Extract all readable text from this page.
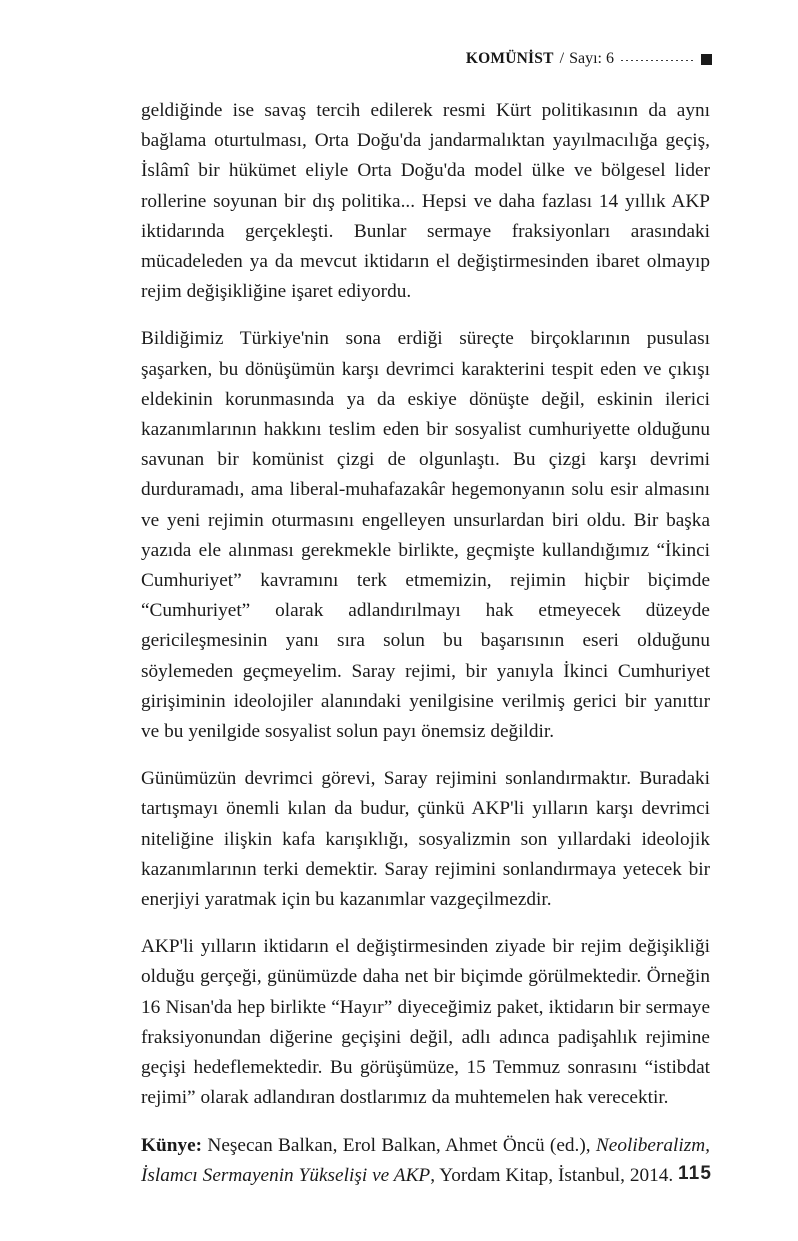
KOMÜNİST / Sayı: 6

geldiğinde ise savaş tercih edilerek resmi Kürt politikasının da aynı bağlama oturtulması, Orta Doğu'da jandarmalıktan yayılmacılığa geçiş, İslâmî bir hükümet eliyle Orta Doğu'da model ülke ve bölgesel lider rollerine soyunan bir dış politika... Hepsi ve daha fazlası 14 yıllık AKP iktidarında gerçekleşti. Bunlar sermaye fraksiyonları arasındaki mücadeleden ya da mevcut iktidarın el değiştirmesinden ibaret olmayıp rejim değişikliğine işaret ediyordu.

Bildiğimiz Türkiye'nin sona erdiği süreçte birçoklarının pusulası şaşarken, bu dönüşümün karşı devrimci karakterini tespit eden ve çıkışı eldekinin korunmasında ya da eskiye dönüşte değil, eskinin ilerici kazanımlarının hakkını teslim eden bir sosyalist cumhuriyette olduğunu savunan bir komünist çizgi de olgunlaştı. Bu çizgi karşı devrimi durduramadı, ama liberal-muhafazakâr hegemonyanın solu esir almasını ve yeni rejimin oturmasını engelleyen unsurlardan biri oldu. Bir başka yazıda ele alınması gerekmekle birlikte, geçmişte kullandığımız “İkinci Cumhuriyet” kavramını terk etmemizin, rejimin hiçbir biçimde “Cumhuriyet” olarak adlandırılmayı hak etmeyecek düzeyde gericileşmesinin yanı sıra solun bu başarısının eseri olduğunu söylemeden geçmeyelim. Saray rejimi, bir yanıyla İkinci Cumhuriyet girişiminin ideolojiler alanındaki yenilgisine verilmiş gerici bir yanıttır ve bu yenilgide sosyalist solun payı önemsiz değildir.

Günümüzün devrimci görevi, Saray rejimini sonlandırmaktır. Buradaki tartışmayı önemli kılan da budur, çünkü AKP'li yılların karşı devrimci niteliğine ilişkin kafa karışıklığı, sosyalizmin son yıllardaki ideolojik kazanımlarının terki demektir. Saray rejimini sonlandırmaya yetecek bir enerjiyi yaratmak için bu kazanımlar vazgeçilmezdir.

AKP'li yılların iktidarın el değiştirmesinden ziyade bir rejim değişikliği olduğu gerçeği, günümüzde daha net bir biçimde görülmektedir. Örneğin 16 Nisan'da hep birlikte “Hayır” diyeceğimiz paket, iktidarın bir sermaye fraksiyonundan diğerine geçişini değil, adlı adınca padişahlık rejimine geçişi hedeflemektedir. Bu görüşümüze, 15 Temmuz sonrasını “istibdat rejimi” olarak adlandıran dostlarımız da muhtemelen hak verecektir.

Künye: Neşecan Balkan, Erol Balkan, Ahmet Öncü (ed.), Neoliberalizm, İslamcı Sermayenin Yükselişi ve AKP, Yordam Kitap, İstanbul, 2014. 115
